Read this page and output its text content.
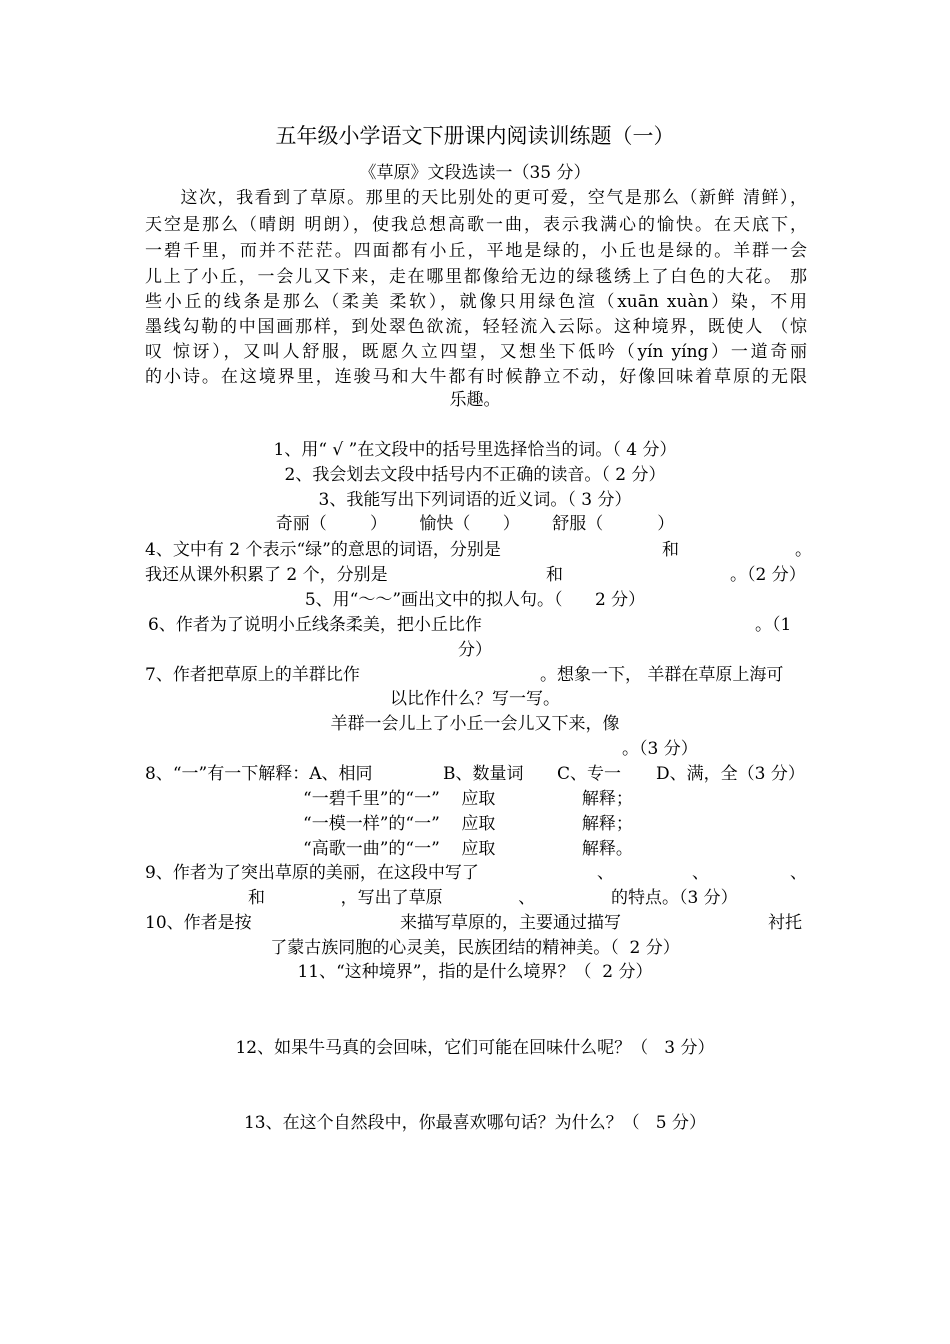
五年级小学语文下册课内阅读训练题（一）
《草原》文段选读一（35 分）
这次，我看到了草原。那里的天比别处的更可爱，空气是那么（新鲜 清鲜），
天空是那么（晴朗 明朗），使我总想高歌一曲，表示我满心的愉快。在天底下，
一碧千里，而并不茫茫。四面都有小丘，平地是绿的，小丘也是绿的。羊群一会
儿上了小丘，一会儿又下来，走在哪里都像给无边的绿毯绣上了白色的大花。 那
些小丘的线条是那么（柔美 柔软），就像只用绿色渲（xuān xuàn）染，不用
墨线勾勒的中国画那样，到处翠色欲流，轻轻流入云际。这种境界，既使人 （惊
叹 惊讶），又叫人舒服，既愿久立四望，又想坐下低吟（yín yíng）一道奇丽
的小诗。在这境界里，连骏马和大牛都有时候静立不动，好像回味着草原的无限
乐趣。
1、用“ √ ”在文段中的括号里选择恰当的词。（ 4 分）
2、我会划去文段中括号内不正确的读音。（ 2 分）
3、我能写出下列词语的近义词。（ 3 分）
奇丽（        ）      愉快（      ）      舒服（          ）
4、文中有 2 个表示“绿”的意思的词语，分别是	和	。
我还从课外积累了 2 个，分别是	和	。（2 分）
5、用“～～”画出文中的拟人句。（      2 分）
6、作者为了说明小丘线条柔美，把小丘比作	。（1
分）
7、作者把草原上的羊群比作	。想象一下， 羊群在草原上海可
以比作什么？写一写。
羊群一会儿上了小丘一会儿又下来，像
。（3 分）
8、“一”有一下解释：A、相同	B、数量词 C、专一 D、满，全（3 分）
“一碧千里”的“一”    应取                解释；
“一模一样”的“一”    应取                解释；
“高歌一曲”的“一”    应取                解释。
9、作者为了突出草原的美丽，在这段中写了	、	、	、
和              ，写出了草原              、              的特点。（3 分）
10、作者是按	来描写草原的，主要通过描写	衬托
了蒙古族同胞的心灵美，民族团结的精神美。（  2 分）
11、“这种境界”，指的是什么境界？（  2 分）
12、如果牛马真的会回味，它们可能在回味什么呢？（   3 分）
13、在这个自然段中，你最喜欢哪句话？为什么？（   5 分）
